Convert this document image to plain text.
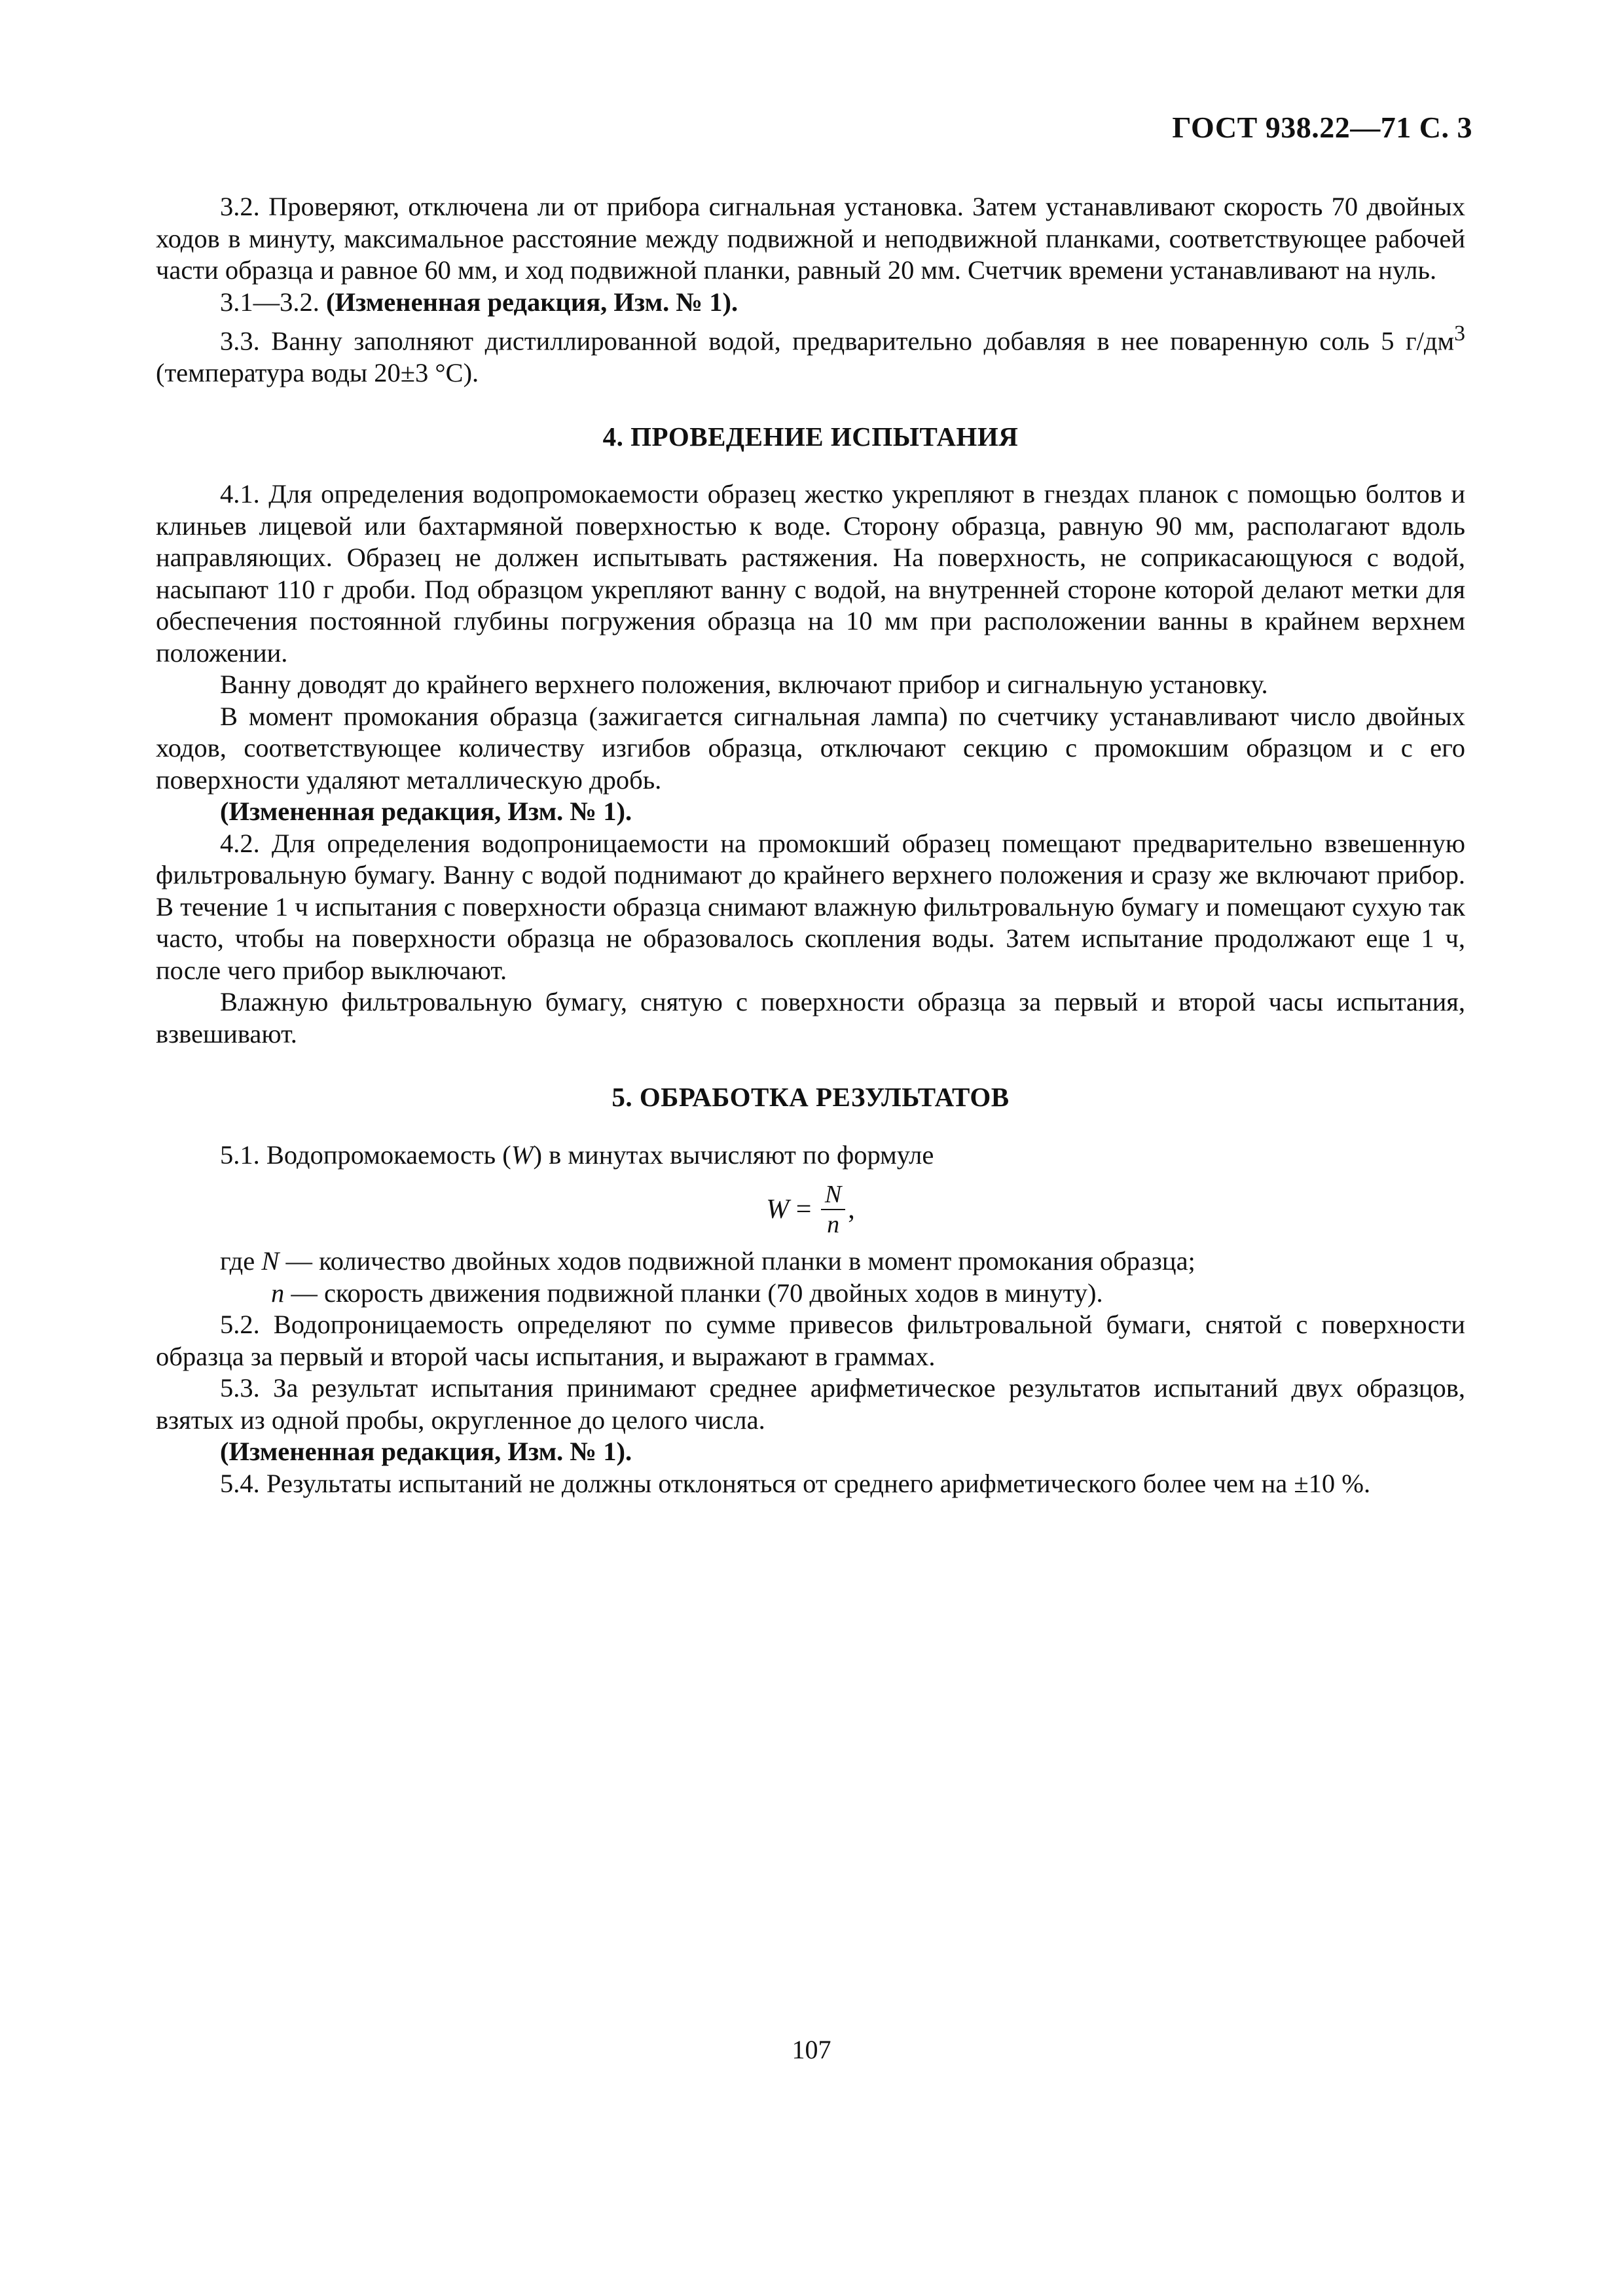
ГОСТ 938.22—71 С. 3

3.2. Проверяют, отключена ли от прибора сигнальная установка. Затем устанавливают скорость 70 двойных ходов в минуту, максимальное расстояние между подвижной и неподвижной планками, соответствующее рабочей части образца и равное 60 мм, и ход подвижной планки, равный 20 мм. Счетчик времени устанавливают на нуль.

3.1—3.2. (Измененная редакция, Изм. № 1).

3.3. Ванну заполняют дистиллированной водой, предварительно добавляя в нее поваренную соль 5 $г/дм^3$ (температура воды 20±3 °С).

4. ПРОВЕДЕНИЕ ИСПЫТАНИЯ

4.1. Для определения водопромокаемости образец жестко укрепляют в гнездах планок с помощью болтов и клиньев лицевой или бахтармяной поверхностью к воде. Сторону образца, равную 90 мм, располагают вдоль направляющих. Образец не должен испытывать растяжения. На поверхность, не соприкасающуюся с водой, насыпают 110 г дроби. Под образцом укрепляют ванну с водой, на внутренней стороне которой делают метки для обеспечения постоянной глубины погружения образца на 10 мм при расположении ванны в крайнем верхнем положении.

Ванну доводят до крайнего верхнего положения, включают прибор и сигнальную установку.

В момент промокания образца (зажигается сигнальная лампа) по счетчику устанавливают число двойных ходов, соответствующее количеству изгибов образца, отключают секцию с промокшим образцом и с его поверхности удаляют металлическую дробь.

(Измененная редакция, Изм. № 1).

4.2. Для определения водопроницаемости на промокший образец помещают предварительно взвешенную фильтровальную бумагу. Ванну с водой поднимают до крайнего верхнего положения и сразу же включают прибор. В течение 1 ч испытания с поверхности образца снимают влажную фильтровальную бумагу и помещают сухую так часто, чтобы на поверхности образца не образовалось скопления воды. Затем испытание продолжают еще 1 ч, после чего прибор выключают.

Влажную фильтровальную бумагу, снятую с поверхности образца за первый и второй часы испытания, взвешивают.

5. ОБРАБОТКА РЕЗУЛЬТАТОВ

5.1. Водопромокаемость (W) в минутах вычисляют по формуле

$W = \frac{N}{n}$ ,

где N — количество двойных ходов подвижной планки в момент промокания образца;

n — скорость движения подвижной планки (70 двойных ходов в минуту).

5.2. Водопроницаемость определяют по сумме привесов фильтровальной бумаги, снятой с поверхности образца за первый и второй часы испытания, и выражают в граммах.

5.3. За результат испытания принимают среднее арифметическое результатов испытаний двух образцов, взятых из одной пробы, округленное до целого числа.

(Измененная редакция, Изм. № 1).

5.4. Результаты испытаний не должны отклоняться от среднего арифметического более чем на ±10 %.

107
